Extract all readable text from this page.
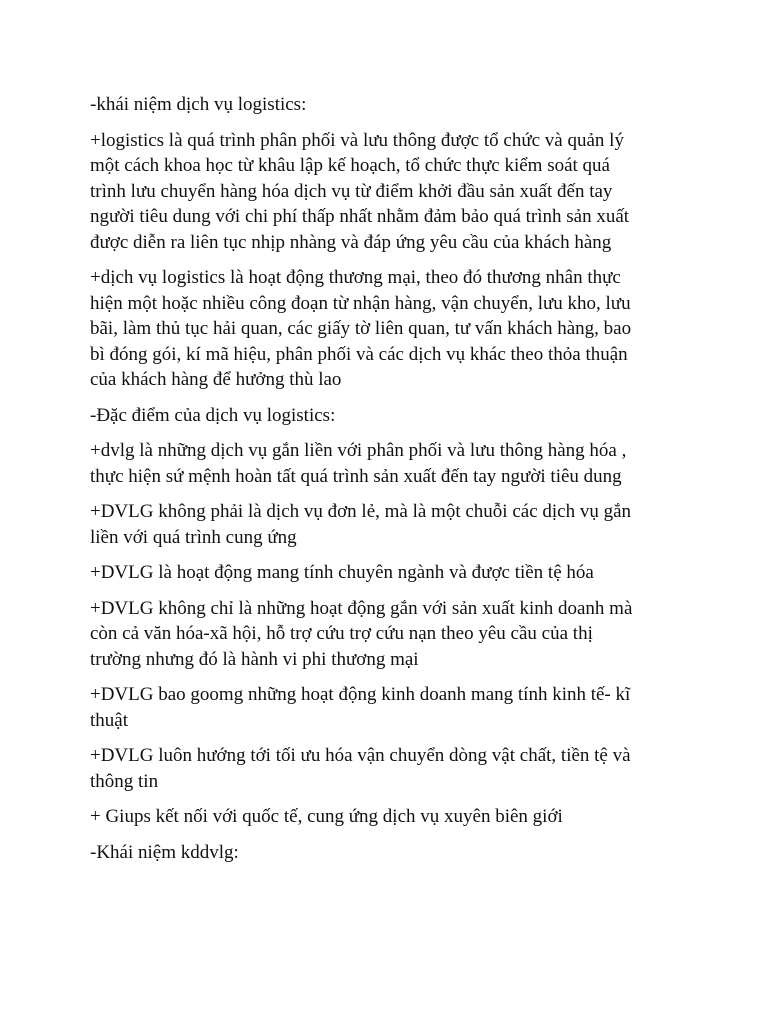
-khái niệm dịch vụ logistics:

+logistics là quá trình phân phối và lưu thông được tổ chức và quản lý
một cách khoa học từ khâu lập kế hoạch, tổ chức thực kiểm soát quá
trình lưu chuyển hàng hóa dịch vụ từ điểm khởi đầu sản xuất đến tay
người tiêu dung với chi phí thấp nhất nhằm đảm bảo quá trình sản xuất
được diễn ra liên tục nhịp nhàng và đáp ứng yêu cầu của khách hàng

+dịch vụ logistics là hoạt động thương mại, theo đó thương nhân thực
hiện một hoặc nhiều công đoạn từ nhận hàng, vận chuyển, lưu kho, lưu
bãi, làm thủ tục hải quan, các giấy tờ liên quan, tư vấn khách hàng, bao
bì đóng gói, kí mã hiệu, phân phối và các dịch vụ khác theo thỏa thuận
của khách hàng để hưởng thù lao

-Đặc điểm của dịch vụ logistics:

+dvlg là những dịch vụ gắn liền với phân phối và lưu thông hàng hóa ,
thực hiện sứ mệnh hoàn tất quá trình sản xuất đến tay người tiêu dung

+DVLG không phải là dịch vụ đơn lẻ, mà là một chuỗi các dịch vụ gắn
liền với quá trình cung ứng

+DVLG là hoạt động mang tính chuyên ngành và được tiền tệ hóa

+DVLG không chỉ là những hoạt động gắn với sản xuất kinh doanh mà
còn cả văn hóa-xã hội, hỗ trợ cứu trợ cứu nạn theo yêu cầu của thị
trường nhưng đó là hành vi phi thương mại

+DVLG bao goomg những hoạt động kinh doanh mang tính kinh tế- kĩ
thuật

+DVLG luôn hướng tới tối ưu hóa vận chuyển dòng vật chất, tiền tệ và
thông tin

+ Giups kết nối với quốc tế, cung ứng dịch vụ xuyên biên giới

-Khái niệm kddvlg:
